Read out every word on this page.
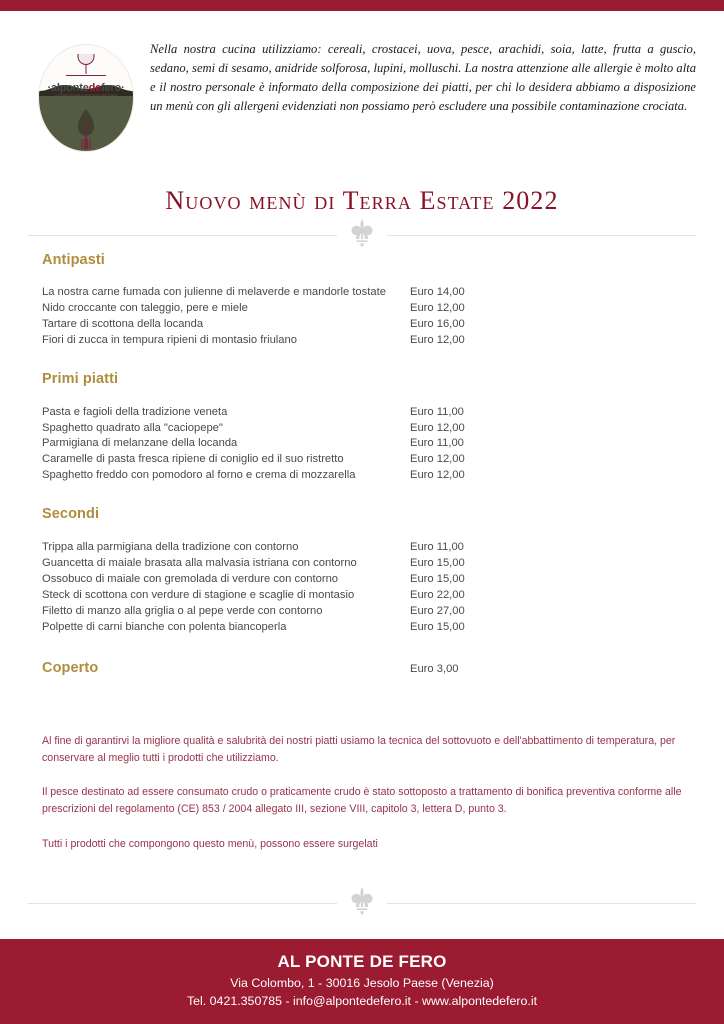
·alpontedefero·
LOCANDA OSTERIA ENOTECA TRATTORIA
Nella nostra cucina utilizziamo: cereali, crostacei, uova, pesce, arachidi, soia, latte, frutta a guscio, sedano, semi di sesamo, anidride solforosa, lupini, molluschi. La nostra attenzione alle allergie è molto alta e il nostro personale è informato della composizione dei piatti, per chi lo desidera abbiamo a disposizione un menù con gli allergeni evidenziati non possiamo però escludere una possibile contaminazione crociata.
Nuovo menù di Terra Estate 2022
Antipasti
La nostra carne fumada con julienne di melaverde e mandorle tostate	Euro 14,00
Nido croccante con taleggio, pere e miele	Euro 12,00
Tartare di scottona della locanda	Euro 16,00
Fiori di zucca in tempura ripieni di montasio friulano	Euro 12,00
Primi piatti
Pasta e fagioli della tradizione veneta	Euro 11,00
Spaghetto quadrato alla "caciopepe"	Euro 12,00
Parmigiana di melanzane della locanda	Euro 11,00
Caramelle di pasta fresca ripiene di coniglio ed il suo ristretto	Euro 12,00
Spaghetto freddo con pomodoro al forno e crema di mozzarella	Euro 12,00
Secondi
Trippa alla parmigiana della tradizione con contorno	Euro 11,00
Guancetta di maiale brasata alla malvasia istriana con contorno	Euro 15,00
Ossobuco di maiale con gremolada di verdure con contorno	Euro 15,00
Steck di scottona con verdure di stagione e scaglie di montasio	Euro 22,00
Filetto di manzo alla griglia o al pepe verde con contorno	Euro 27,00
Polpette di carni bianche con polenta biancoperla	Euro 15,00
Coperto	Euro 3,00

Al fine di garantirvi la migliore qualità e salubrità dei nostri piatti usiamo la tecnica del sottovuoto e dell'abbattimento di temperatura, per conservare al meglio tutti i prodotti che utilizziamo.

Il pesce destinato ad essere consumato crudo o praticamente crudo è stato sottoposto a trattamento di bonifica preventiva conforme alle prescrizioni del regolamento (CE) 853 / 2004 allegato III, sezione VIII, capitolo 3, lettera D, punto 3.

Tutti i prodotti che compongono questo menù, possono essere surgelati

AL PONTE DE FERO
Via Colombo, 1 - 30016 Jesolo Paese (Venezia)
Tel. 0421.350785 - info@alpontedefero.it - www.alpontedefero.it
